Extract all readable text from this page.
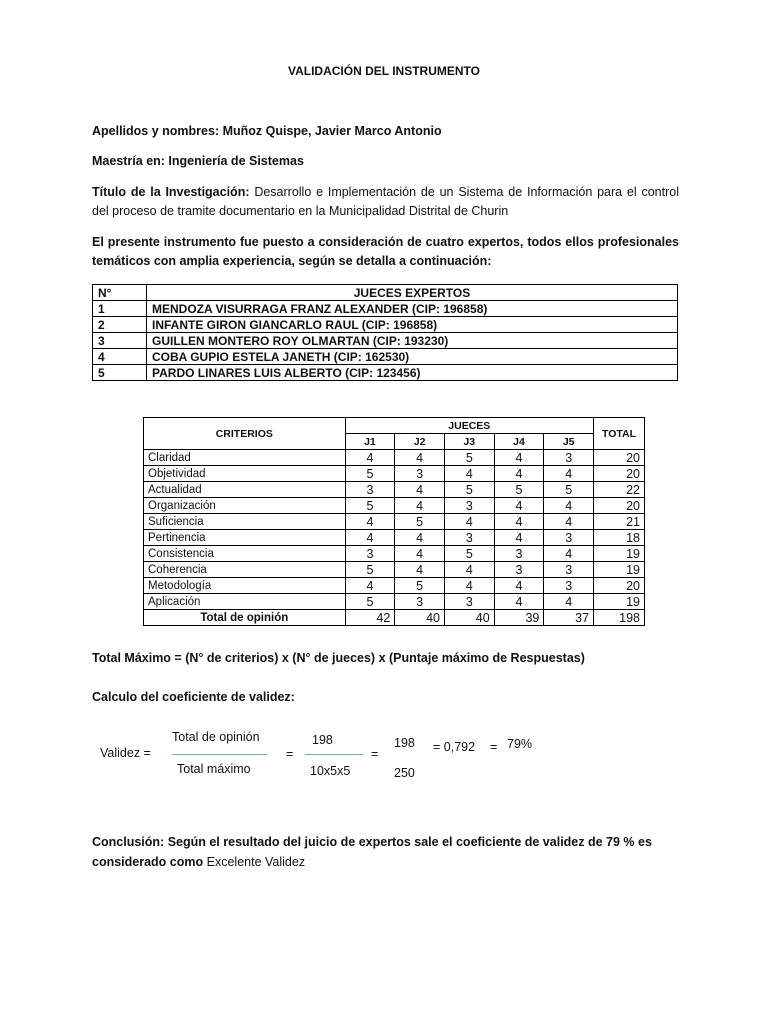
VALIDACIÓN DEL INSTRUMENTO
Apellidos y nombres: Muñoz Quispe, Javier Marco Antonio
Maestría en: Ingeniería de Sistemas
Título de la Investigación: Desarrollo e Implementación de un Sistema de Información para el control del proceso de tramite documentario en la Municipalidad Distrital de Churin
El presente instrumento fue puesto a consideración de cuatro expertos, todos ellos profesionales temáticos con amplia experiencia, según se detalla a continuación:
N°	JUECES EXPERTOS
1	MENDOZA VISURRAGA FRANZ ALEXANDER (CIP: 196858)
2	INFANTE GIRON GIANCARLO RAUL (CIP: 196858)
3	GUILLEN MONTERO ROY OLMARTAN (CIP: 193230)
4	COBA GUPIO ESTELA JANETH (CIP: 162530)
5	PARDO LINARES LUIS ALBERTO (CIP: 123456)
CRITERIOS	JUECES					TOTAL
	J1	J2	J3	J4	J5	
Claridad	4	4	5	4	3	20
Objetividad	5	3	4	4	4	20
Actualidad	3	4	5	5	5	22
Organización	5	4	3	4	4	20
Suficiencia	4	5	4	4	4	21
Pertinencia	4	4	3	4	3	18
Consistencia	3	4	5	3	4	19
Coherencia	5	4	4	3	3	19
Metodología	4	5	4	4	3	20
Aplicación	5	3	3	4	4	19
Total de opinión	42	40	40	39	37	198
Total Máximo = (N° de criterios) x (N° de jueces) x (Puntaje máximo de Respuestas)
Calculo del coeficiente de validez:
Validez =
Total de opinión
Total máximo
=
198
10x5x5
=
198
250
= 0,792 = 79%
Conclusión: Según el resultado del juicio de expertos sale el coeficiente de validez de 79 % es considerado como Excelente Validez
